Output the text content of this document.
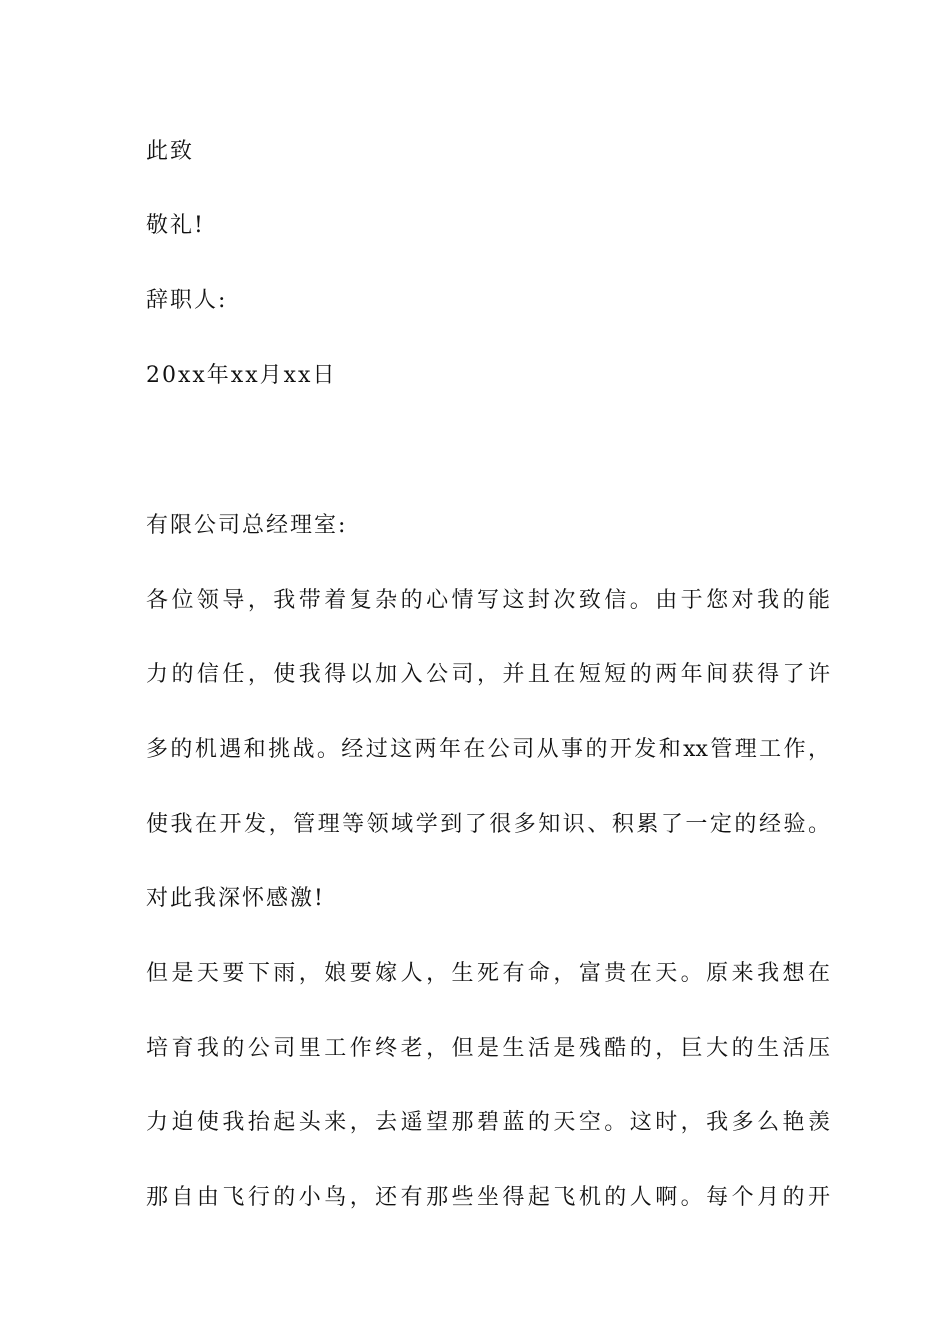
此致
敬礼!
辞职人:
20xx年xx月xx日
有限公司总经理室:
各位领导，我带着复杂的心情写这封次致信。由于您对我的能
力的信任，使我得以加入公司，并且在短短的两年间获得了许
多的机遇和挑战。经过这两年在公司从事的开发和xx管理工作，
使我在开发，管理等领域学到了很多知识、积累了一定的经验。
对此我深怀感激!
但是天要下雨，娘要嫁人，生死有命，富贵在天。原来我想在
培育我的公司里工作终老，但是生活是残酷的，巨大的生活压
力迫使我抬起头来，去遥望那碧蓝的天空。这时，我多么艳羡
那自由飞行的小鸟，还有那些坐得起飞机的人啊。每个月的开
